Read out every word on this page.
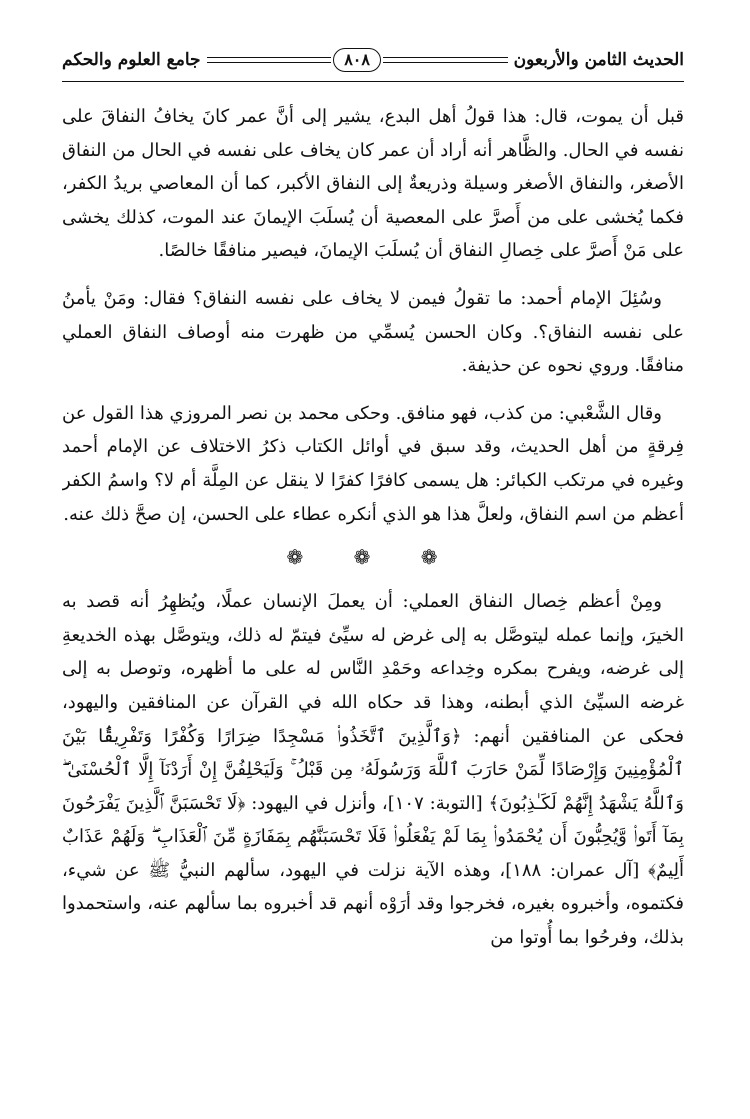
الحديث الثامن والأربعون
٨٠٨
جامع العلوم والحكم

قبل أن يموت، قال: هذا قولُ أهل البدع، يشير إلى أنَّ عمر كانَ يخافُ النفاقَ على نفسه في الحال. والظَّاهر أنه أراد أن عمر كان يخاف على نفسه في الحال من النفاق الأصغر، والنفاق الأصغر وسيلة وذريعةٌ إلى النفاق الأكبر، كما أن المعاصي بريدُ الكفر، فكما يُخشى على من أَصرَّ على المعصية أن يُسلَبَ الإيمانَ عند الموت، كذلك يخشى على مَنْ أَصرَّ على خِصالِ النفاق أن يُسلَبَ الإيمانَ، فيصير منافقًا خالصًا.

وسُئِلَ الإمام أحمد: ما تقولُ فيمن لا يخاف على نفسه النفاق؟ فقال: ومَنْ يأمنُ على نفسه النفاق؟. وكان الحسن يُسمِّي من ظهرت منه أوصاف النفاق العملي منافقًا. وروي نحوه عن حذيفة.

وقال الشَّعْبي: من كذب، فهو منافق. وحكى محمد بن نصر المروزي هذا القول عن فِرقةٍ من أهل الحديث، وقد سبق في أوائل الكتاب ذكرُ الاختلاف عن الإمام أحمد وغيره في مرتكب الكبائر: هل يسمى كافرًا كفرًا لا ينقل عن المِلَّة أم لا؟ واسمُ الكفر أعظم من اسم النفاق، ولعلَّ هذا هو الذي أنكره عطاء على الحسن، إن صحَّ ذلك عنه.

❁ ❁ ❁

ومِنْ أعظم خِصال النفاق العملي: أن يعملَ الإنسان عملًا، ويُظهِرُ أنه قصد به الخيرَ، وإنما عمله ليتوصَّل به إلى غرض له سيِّئ فيتمّ له ذلك، ويتوصَّل بهذه الخديعةِ إلى غرضه، ويفرح بمكره وخِداعه وحَمْدِ النَّاس له على ما أظهره، وتوصل به إلى غرضه السيِّئ الذي أبطنه، وهذا قد حكاه الله في القرآن عن المنافقين واليهود، فحكى عن المنافقين أنهم: ﴿وَٱلَّذِينَ ٱتَّخَذُوا۟ مَسْجِدًا ضِرَارًا وَكُفْرًا وَتَفْرِيقًۢا بَيْنَ ٱلْمُؤْمِنِينَ وَإِرْصَادًا لِّمَنْ حَارَبَ ٱللَّهَ وَرَسُولَهُۥ مِن قَبْلُ ۚ وَلَيَحْلِفُنَّ إِنْ أَرَدْنَآ إِلَّا ٱلْحُسْنَىٰ ۖ وَٱللَّهُ يَشْهَدُ إِنَّهُمْ لَكَـٰذِبُونَ﴾ [التوبة: ١٠٧]، وأنزل في اليهود: ﴿لَا تَحْسَبَنَّ ٱلَّذِينَ يَفْرَحُونَ بِمَآ أَتَوا۟ وَّيُحِبُّونَ أَن يُحْمَدُوا۟ بِمَا لَمْ يَفْعَلُوا۟ فَلَا تَحْسَبَنَّهُم بِمَفَازَةٍ مِّنَ ٱلْعَذَابِ ۖ وَلَهُمْ عَذَابٌ أَلِيمٌ﴾ [آل عمران: ١٨٨]، وهذه الآية نزلت في اليهود، سألهم النبيُّ ﷺ عن شيء، فكتموه، وأخبروه بغيره، فخرجوا وقد أرَوْه أنهم قد أخبروه بما سألهم عنه، واستحمدوا بذلك، وفرحُوا بما أُوتوا من
